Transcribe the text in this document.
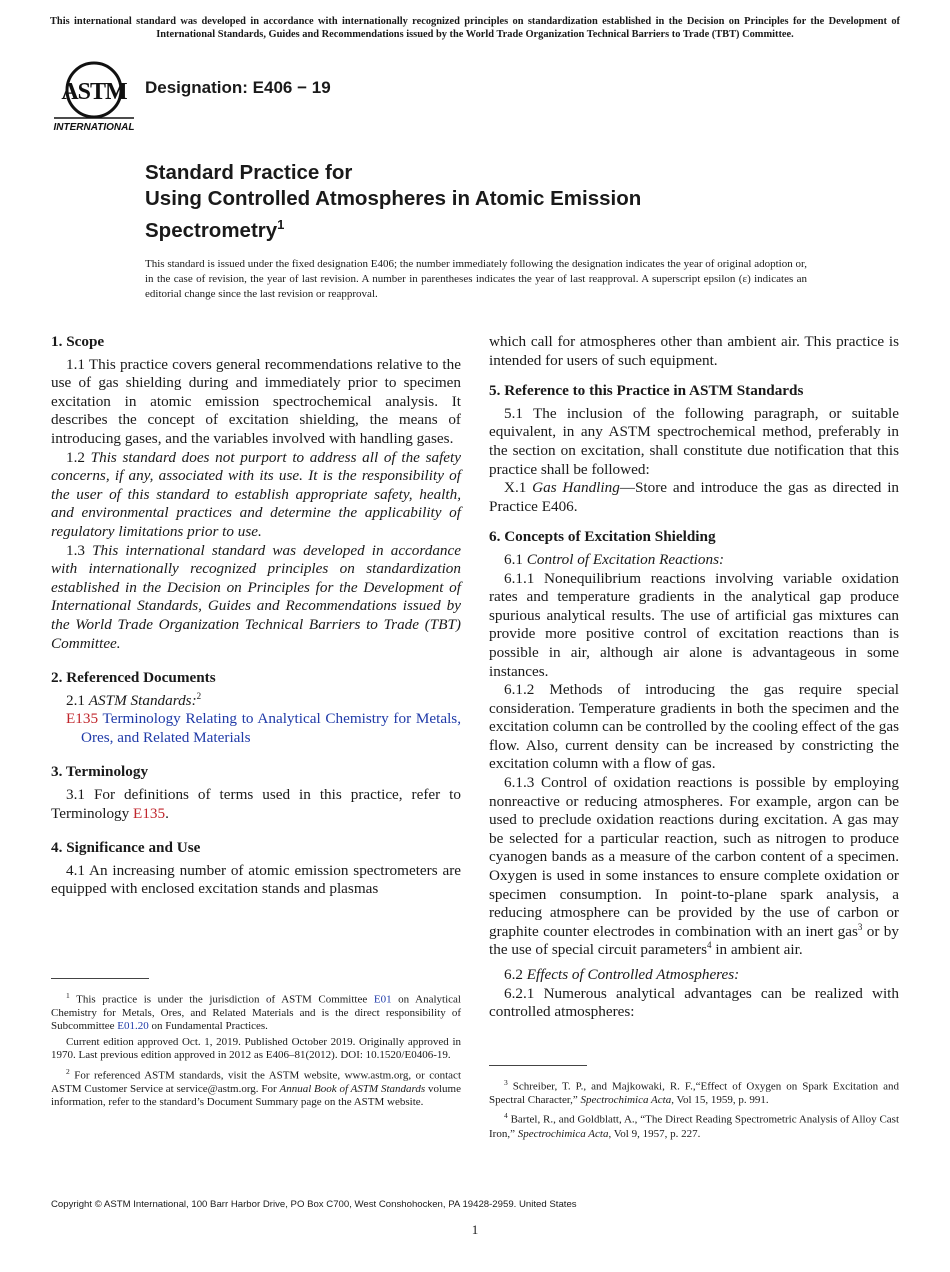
This international standard was developed in accordance with internationally recognized principles on standardization established in the Decision on Principles for the Development of International Standards, Guides and Recommendations issued by the World Trade Organization Technical Barriers to Trade (TBT) Committee.
ASTM
INTERNATIONAL
Designation: E406 − 19
Standard Practice for
Using Controlled Atmospheres in Atomic Emission
Spectrometry$^1$
This standard is issued under the fixed designation E406; the number immediately following the designation indicates the year of original adoption or, in the case of revision, the year of last revision. A number in parentheses indicates the year of last reapproval. A superscript epsilon (ε) indicates an editorial change since the last revision or reapproval.
1. Scope

1.1 This practice covers general recommendations relative to the use of gas shielding during and immediately prior to specimen excitation in atomic emission spectrochemical analysis. It describes the concept of excitation shielding, the means of introducing gases, and the variables involved with handling gases.

1.2 This standard does not purport to address all of the safety concerns, if any, associated with its use. It is the responsibility of the user of this standard to establish appropriate safety, health, and environmental practices and determine the applicability of regulatory limitations prior to use.

1.3 This international standard was developed in accordance with internationally recognized principles on standardization established in the Decision on Principles for the Development of International Standards, Guides and Recommendations issued by the World Trade Organization Technical Barriers to Trade (TBT) Committee.

2. Referenced Documents

2.1 ASTM Standards:$^2$

E135 Terminology Relating to Analytical Chemistry for Metals, Ores, and Related Materials
3. Terminology

3.1 For definitions of terms used in this practice, refer to Terminology E135.

4. Significance and Use

4.1 An increasing number of atomic emission spectrometers are equipped with enclosed excitation stands and plasmas

which call for atmospheres other than ambient air. This practice is intended for users of such equipment.

5. Reference to this Practice in ASTM Standards

5.1 The inclusion of the following paragraph, or suitable equivalent, in any ASTM spectrochemical method, preferably in the section on excitation, shall constitute due notification that this practice shall be followed:

X.1 Gas Handling—Store and introduce the gas as directed in Practice E406.

6. Concepts of Excitation Shielding

6.1 Control of Excitation Reactions:

6.1.1 Nonequilibrium reactions involving variable oxidation rates and temperature gradients in the analytical gap produce spurious analytical results. The use of artificial gas mixtures can provide more positive control of excitation reactions than is possible in air, although air alone is advantageous in some instances.

6.1.2 Methods of introducing the gas require special consideration. Temperature gradients in both the specimen and the excitation column can be controlled by the cooling effect of the gas flow. Also, current density can be increased by constricting the excitation column with a flow of gas.

6.1.3 Control of oxidation reactions is possible by employing nonreactive or reducing atmospheres. For example, argon can be used to preclude oxidation reactions during excitation. A gas may be selected for a particular reaction, such as nitrogen to produce cyanogen bands as a measure of the carbon content of a specimen. Oxygen is used in some instances to ensure complete oxidation or specimen consumption. In point-to-plane spark analysis, a reducing atmosphere can be provided by the use of carbon or graphite counter electrodes in combination with an inert gas$^3$ or by the use of special circuit parameters$^4$ in ambient air.

6.2 Effects of Controlled Atmospheres:

6.2.1 Numerous analytical advantages can be realized with controlled atmospheres:

$^1$ This practice is under the jurisdiction of ASTM Committee E01 on Analytical Chemistry for Metals, Ores, and Related Materials and is the direct responsibility of Subcommittee E01.20 on Fundamental Practices.

Current edition approved Oct. 1, 2019. Published October 2019. Originally approved in 1970. Last previous edition approved in 2012 as E406–81(2012). DOI: 10.1520/E0406-19.

$^2$ For referenced ASTM standards, visit the ASTM website, www.astm.org, or contact ASTM Customer Service at service@astm.org. For Annual Book of ASTM Standards volume information, refer to the standard’s Document Summary page on the ASTM website.

$^3$ Schreiber, T. P., and Majkowaki, R. F.,“Effect of Oxygen on Spark Excitation and Spectral Character,” Spectrochimica Acta, Vol 15, 1959, p. 991.

$^4$ Bartel, R., and Goldblatt, A., “The Direct Reading Spectrometric Analysis of Alloy Cast Iron,” Spectrochimica Acta, Vol 9, 1957, p. 227.

Copyright © ASTM International, 100 Barr Harbor Drive, PO Box C700, West Conshohocken, PA 19428-2959. United States
1
